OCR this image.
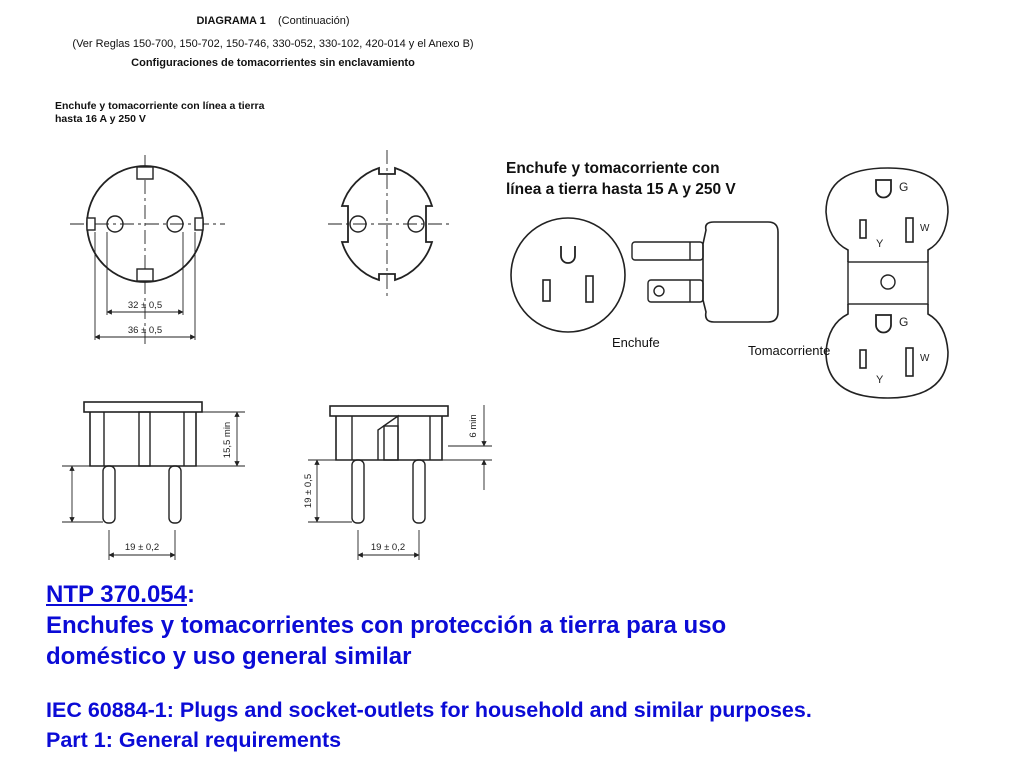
DIAGRAMA 1 (Continuación)
(Ver Reglas 150-700, 150-702, 150-746, 330-052, 330-102, 420-014 y el Anexo B)
Configuraciones de tomacorrientes sin enclavamiento
Enchufe y tomacorriente con línea a tierra
hasta 16 A y 250 V
Enchufe y tomacorriente con
línea a tierra hasta 15 A y 250 V
32 ± 0,5
36 ± 0,5
19 ± 0,2	19 ± 0,2
15,5 min
19 ± 0,5
6 min
G
W
Y
G
W
Y
Enchufe
Tomacorriente
NTP 370.054:
Enchufes y tomacorrientes con protección a tierra para uso
doméstico y uso general similar
IEC 60884-1: Plugs and socket-outlets for household and similar purposes.
Part 1: General requirements
